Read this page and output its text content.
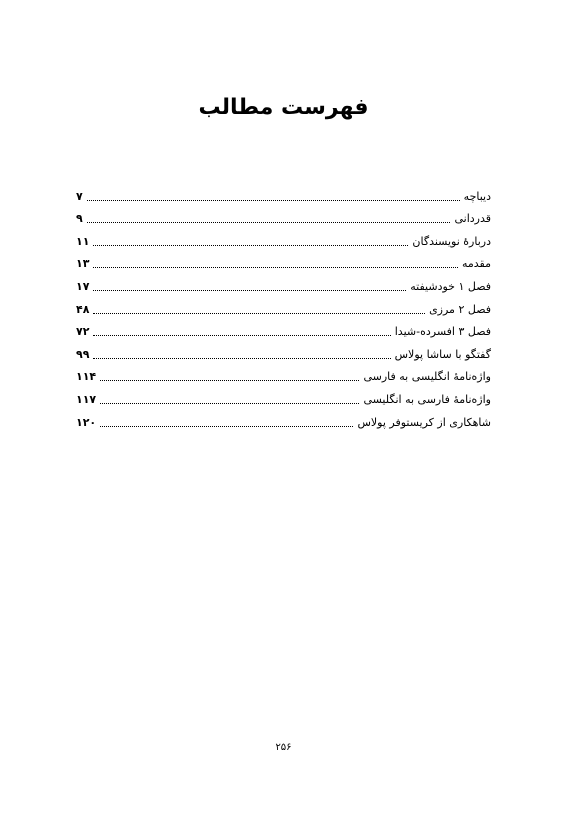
فهرست مطالب
دیباچه
۷
قدردانی
۹
دربارهٔ نویسندگان
۱۱
مقدمه
۱۳
فصل ۱ خودشیفته
۱۷
فصل ۲ مرزی
۴۸
فصل ۳ افسرده-شیدا
۷۲
گفتگو با ساشا پولاس
۹۹
واژه‌نامهٔ انگلیسی به فارسی
۱۱۴
واژه‌نامهٔ فارسی به انگلیسی
۱۱۷
شاهکاری از کریستوفر پولاس
۱۲۰
۲۵۶
